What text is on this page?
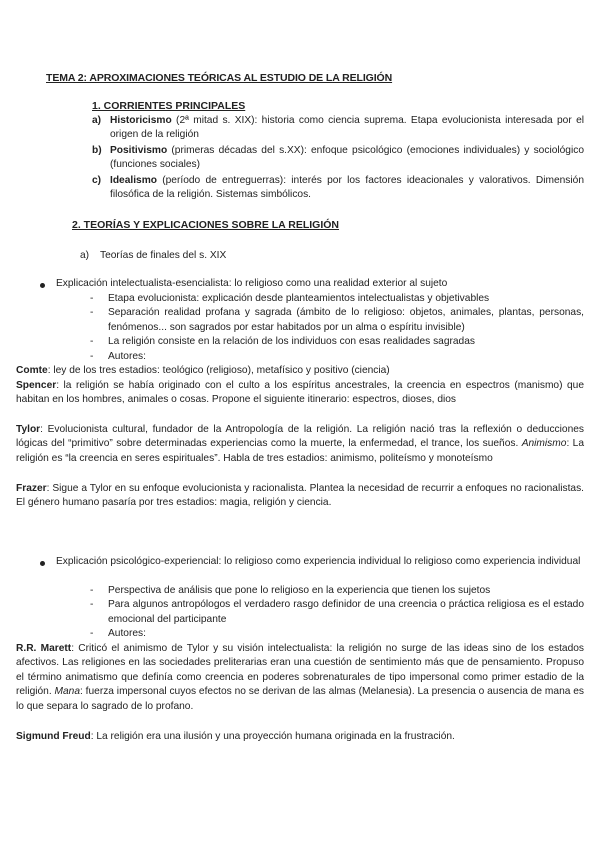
TEMA 2: APROXIMACIONES TEÓRICAS AL ESTUDIO DE LA RELIGIÓN
1. CORRIENTES PRINCIPALES
a) Historicismo (2ª mitad s. XIX): historia como ciencia suprema. Etapa evolucionista interesada por el origen de la religión
b) Positivismo (primeras décadas del s.XX): enfoque psicológico (emociones individuales) y sociológico (funciones sociales)
c) Idealismo (período de entreguerras): interés por los factores ideacionales y valorativos. Dimensión filosófica de la religión. Sistemas simbólicos.
2. TEORÍAS Y EXPLICACIONES SOBRE LA RELIGIÓN
a) Teorías de finales del s. XIX
Explicación intelectualista-esencialista: lo religioso como una realidad exterior al sujeto
- Etapa evolucionista: explicación desde planteamientos intelectualistas y objetivables
- Separación realidad profana y sagrada (ámbito de lo religioso: objetos, animales, plantas, personas, fenómenos... son sagrados por estar habitados por un alma o espíritu invisible)
- La religión consiste en la relación de los individuos con esas realidades sagradas
- Autores:
Comte: ley de los tres estadios: teológico (religioso), metafísico y positivo (ciencia)
Spencer: la religión se había originado con el culto a los espíritus ancestrales, la creencia en espectros (manismo) que habitan en los hombres, animales o cosas. Propone el siguiente itinerario: espectros, dioses, dios
Tylor: Evolucionista cultural, fundador de la Antropología de la religión. La religión nació tras la reflexión o deducciones lógicas del “primitivo” sobre determinadas experiencias como la muerte, la enfermedad, el trance, los sueños. Animismo: La religión es “la creencia en seres espirituales”. Habla de tres estadios: animismo, politeísmo y monoteísmo
Frazer: Sigue a Tylor en su enfoque evolucionista y racionalista. Plantea la necesidad de recurrir a enfoques no racionalistas. El género humano pasaría por tres estadios: magia, religión y ciencia.
Explicación psicológico-experiencial: lo religioso como experiencia individual lo religioso como experiencia individual
- Perspectiva de análisis que pone lo religioso en la experiencia que tienen los sujetos
- Para algunos antropólogos el verdadero rasgo definidor de una creencia o práctica religiosa es el estado emocional del participante
- Autores:
R.R. Marett: Criticó el animismo de Tylor y su visión intelectualista: la religión no surge de las ideas sino de los estados afectivos. Las religiones en las sociedades preliterarias eran una cuestión de sentimiento más que de pensamiento. Propuso el término animatismo que definía como creencia en poderes sobrenaturales de tipo impersonal como primer estadio de la religión. Mana: fuerza impersonal cuyos efectos no se derivan de las almas (Melanesia). La presencia o ausencia de mana es lo que separa lo sagrado de lo profano.
Sigmund Freud: La religión era una ilusión y una proyección humana originada en la frustración.
